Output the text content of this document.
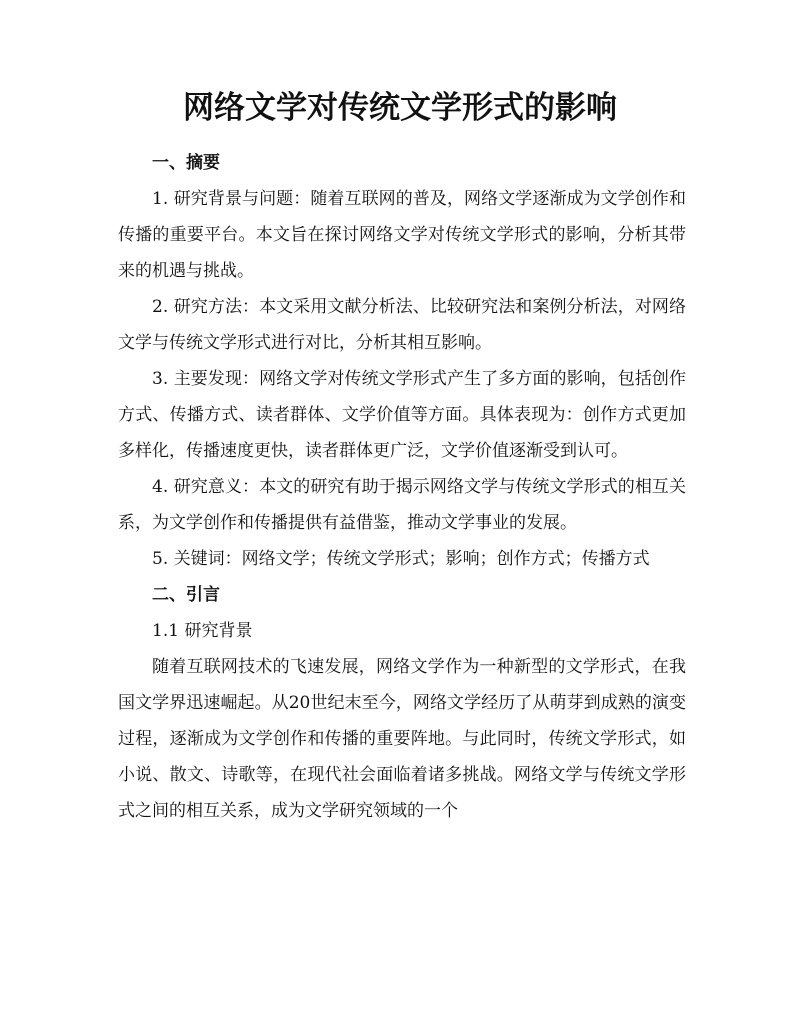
网络文学对传统文学形式的影响
一、摘要

1. 研究背景与问题：随着互联网的普及，网络文学逐渐成为文学创作和传播的重要平台。本文旨在探讨网络文学对传统文学形式的影响，分析其带来的机遇与挑战。

2. 研究方法：本文采用文献分析法、比较研究法和案例分析法，对网络文学与传统文学形式进行对比，分析其相互影响。

3. 主要发现：网络文学对传统文学形式产生了多方面的影响，包括创作方式、传播方式、读者群体、文学价值等方面。具体表现为：创作方式更加多样化，传播速度更快，读者群体更广泛，文学价值逐渐受到认可。

4. 研究意义：本文的研究有助于揭示网络文学与传统文学形式的相互关系，为文学创作和传播提供有益借鉴，推动文学事业的发展。

5. 关键词：网络文学；传统文学形式；影响；创作方式；传播方式

二、引言

1.1 研究背景

随着互联网技术的飞速发展，网络文学作为一种新型的文学形式，在我国文学界迅速崛起。从20世纪末至今，网络文学经历了从萌芽到成熟的演变过程，逐渐成为文学创作和传播的重要阵地。与此同时，传统文学形式，如小说、散文、诗歌等，在现代社会面临着诸多挑战。网络文学与传统文学形式之间的相互关系，成为文学研究领域的一个
